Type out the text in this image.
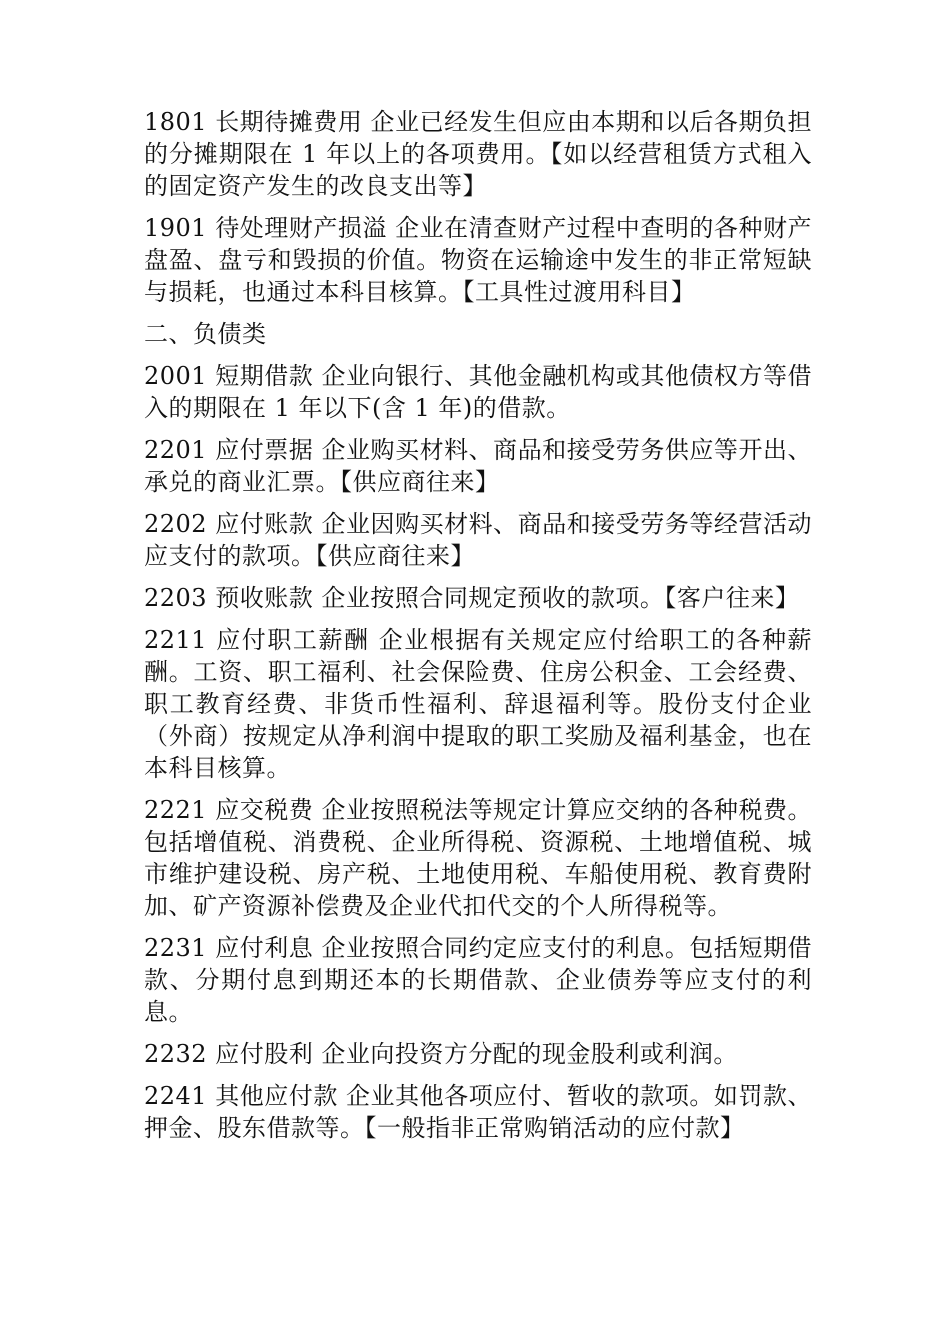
1801 长期待摊费用 企业已经发生但应由本期和以后各期负担的分摊期限在 1 年以上的各项费用。【如以经营租赁方式租入的固定资产发生的改良支出等】

1901 待处理财产损溢 企业在清查财产过程中查明的各种财产盘盈、盘亏和毁损的价值。物资在运输途中发生的非正常短缺与损耗，也通过本科目核算。【工具性过渡用科目】

二、负债类

2001 短期借款 企业向银行、其他金融机构或其他债权方等借入的期限在 1 年以下(含 1 年)的借款。

2201 应付票据 企业购买材料、商品和接受劳务供应等开出、承兑的商业汇票。【供应商往来】

2202 应付账款 企业因购买材料、商品和接受劳务等经营活动应支付的款项。【供应商往来】

2203 预收账款 企业按照合同规定预收的款项。【客户往来】

2211 应付职工薪酬 企业根据有关规定应付给职工的各种薪酬。工资、职工福利、社会保险费、住房公积金、工会经费、职工教育经费、非货币性福利、辞退福利等。股份支付企业（外商）按规定从净利润中提取的职工奖励及福利基金，也在本科目核算。

2221 应交税费 企业按照税法等规定计算应交纳的各种税费。包括增值税、消费税、企业所得税、资源税、土地增值税、城市维护建设税、房产税、土地使用税、车船使用税、教育费附加、矿产资源补偿费及企业代扣代交的个人所得税等。

2231 应付利息 企业按照合同约定应支付的利息。包括短期借款、分期付息到期还本的长期借款、企业债券等应支付的利息。

2232 应付股利 企业向投资方分配的现金股利或利润。

2241 其他应付款 企业其他各项应付、暂收的款项。如罚款、押金、股东借款等。【一般指非正常购销活动的应付款】
